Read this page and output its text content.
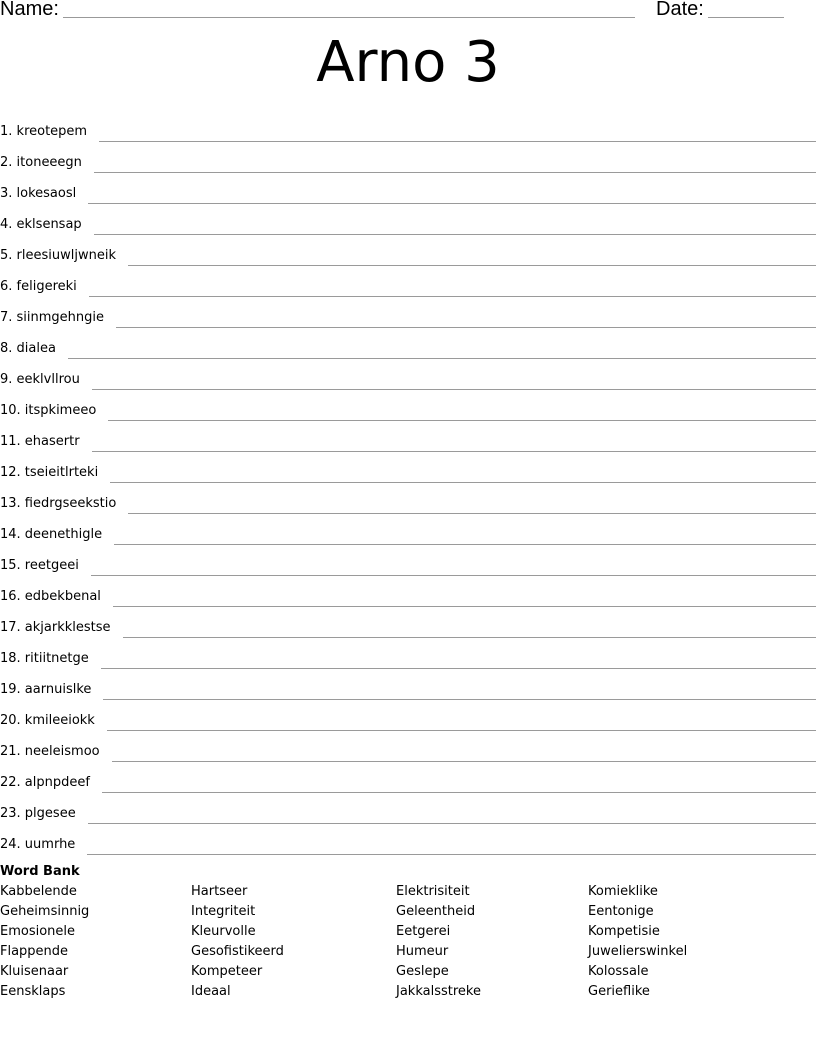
Name:	Date:
Arno 3
1. kreotepem
2. itoneeegn
3. lokesaosl
4. eklsensap
5. rleesiuwljwneik
6. feligereki
7. siinmgehngie
8. dialea
9. eeklvllrou
10. itspkimeeo
11. ehasertr
12. tseieitlrteki
13. fiedrgseekstio
14. deenethigle
15. reetgeei
16. edbekbenal
17. akjarkklestse
18. ritiitnetge
19. aarnuislke
20. kmileeiokk
21. neeleismoo
22. alpnpdeef
23. plgesee
24. uumrhe
Word Bank
Kabbelende
Geheimsinnig
Emosionele
Flappende
Kluisenaar
Eensklaps
Hartseer
Integriteit
Kleurvolle
Gesofistikeerd
Kompeteer
Ideaal
Elektrisiteit
Geleentheid
Eetgerei
Humeur
Geslepe
Jakkalsstreke
Komieklike
Eentonige
Kompetisie
Juwelierswinkel
Kolossale
Gerieflike
